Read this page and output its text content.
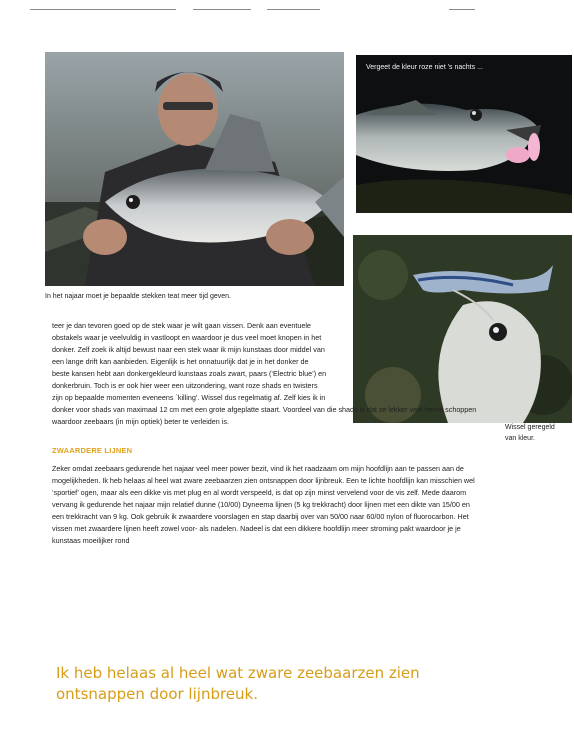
In het najaar moet je bepaalde stekken teat meer tijd geven.
Vergeet de kleur roze niet 's nachts ...
Wissel geregeld
van kleur.

teer je dan tevoren goed op de stek waar je wilt gaan vissen. Denk aan eventuele

obstakels waar je veelvuldig in vastloopt en waardoor je dus veel moet knopen in het

donker. Zelf zoek ik altijd bewust naar een stek waar ik mijn kunstaas door middel van

een lange drift kan aanbieden. Eigenlijk is het onnatuurlijk dat je in het donker de

beste kansen hebt aan donkergekleurd kunstaas zoals zwart, paars (‘Electric blue’) en

donkerbruin. Toch is er ook hier weer een uitzondering, want roze shads en twisters

zijn op bepaalde momenten eveneens `killing’. Wissel dus regelmatig af. Zelf kies ik in

donker voor shads van maximaal 12 cm met een grote afgeplatte staart. Voordeel van die shads is dat ze lekker veel herrie schoppen

waardoor zeebaars (in mijn optiek) beter te verleiden is.

ZWAARDERE LIJNEN

Zeker omdat zeebaars gedurende het najaar veel meer power bezit, vind ik het raadzaam om mijn hoofdlijn aan te passen aan de

mogelijkheden. Ik heb helaas al heel wat zware zeebaarzen zien ontsnappen door lijnbreuk. Een te lichte hoofdlijn kan misschien wel

‘sportief’ ogen, maar als een dikke vis met plug en al wordt verspeeld, is dat op zijn minst vervelend voor de vis zelf. Mede daarom

vervang ik gedurende het najaar mijn relatief dunne (10/00) Dyneema lijnen (5 kg trekkracht) door lijnen met een dikte van 15/00 en

een trekkracht van 9 kg. Ook gebruik ik zwaardere voorslagen en stap daarbij over van 50/00 naar 60/00 nylon of fluorocarbon. Het

vissen met zwaardere lijnen heeft zowel voor- als nadelen. Nadeel is dat een dikkere hoofdlijn meer stroming pakt waardoor je je

kunstaas moeilijker rond

Ik heb helaas al heel wat zware zeebaarzen zien
ontsnappen door lijnbreuk.
